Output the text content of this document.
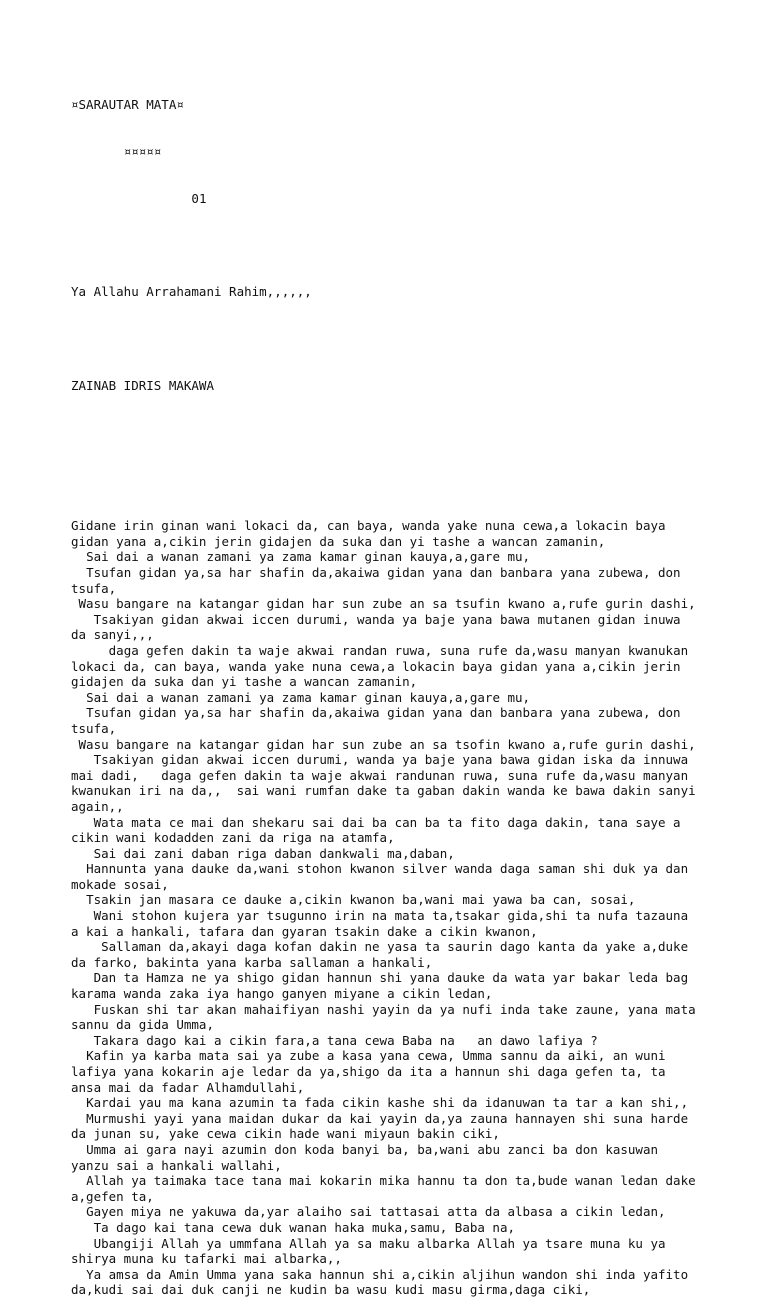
¤SARAUTAR MATA¤

¤¤¤¤¤

01

Ya Allahu Arrahamani Rahim,,,,,,

ZAINAB IDRIS MAKAWA

Gidane irin ginan wani lokaci da, can baya, wanda yake nuna cewa,a lokacin baya
gidan yana a,cikin jerin gidajen da suka dan yi tashe a wancan zamanin,
Sai dai a wanan zamani ya zama kamar ginan kauya,a,gare mu,
Tsufan gidan ya,sa har shafin da,akaiwa gidan yana dan banbara yana zubewa, don
tsufa,
Wasu bangare na katangar gidan har sun zube an sa tsufin kwano a,rufe gurin dashi,
Tsakiyan gidan akwai iccen durumi, wanda ya baje yana bawa mutanen gidan inuwa
da sanyi,,,
daga gefen dakin ta waje akwai randan ruwa, suna rufe da,wasu manyan kwanukan
lokaci da, can baya, wanda yake nuna cewa,a lokacin baya gidan yana a,cikin jerin
gidajen da suka dan yi tashe a wancan zamanin,
Sai dai a wanan zamani ya zama kamar ginan kauya,a,gare mu,
Tsufan gidan ya,sa har shafin da,akaiwa gidan yana dan banbara yana zubewa, don
tsufa,
Wasu bangare na katangar gidan har sun zube an sa tsofin kwano a,rufe gurin dashi,
Tsakiyan gidan akwai iccen durumi, wanda ya baje yana bawa gidan iska da innuwa
mai dadi,   daga gefen dakin ta waje akwai randunan ruwa, suna rufe da,wasu manyan
kwanukan iri na da,,  sai wani rumfan dake ta gaban dakin wanda ke bawa dakin sanyi
again,,
Wata mata ce mai dan shekaru sai dai ba can ba ta fito daga dakin, tana saye a
cikin wani kodadden zani da riga na atamfa,
Sai dai zani daban riga daban dankwali ma,daban,
Hannunta yana dauke da,wani stohon kwanon silver wanda daga saman shi duk ya dan
mokade sosai,
Tsakin jan masara ce dauke a,cikin kwanon ba,wani mai yawa ba can, sosai,
Wani stohon kujera yar tsugunno irin na mata ta,tsakar gida,shi ta nufa tazauna
a kai a hankali, tafara dan gyaran tsakin dake a cikin kwanon,
Sallaman da,akayi daga kofan dakin ne yasa ta saurin dago kanta da yake a,duke
da farko, bakinta yana karba sallaman a hankali,
Dan ta Hamza ne ya shigo gidan hannun shi yana dauke da wata yar bakar leda bag
karama wanda zaka iya hango ganyen miyane a cikin ledan,
Fuskan shi tar akan mahaifiyan nashi yayin da ya nufi inda take zaune, yana mata
sannu da gida Umma,
Takara dago kai a cikin fara,a tana cewa Baba na   an dawo lafiya ?
Kafin ya karba mata sai ya zube a kasa yana cewa, Umma sannu da aiki, an wuni
lafiya yana kokarin aje ledar da ya,shigo da ita a hannun shi daga gefen ta, ta
ansa mai da fadar Alhamdullahi,
Kardai yau ma kana azumin ta fada cikin kashe shi da idanuwan ta tar a kan shi,,
Murmushi yayi yana maidan dukar da kai yayin da,ya zauna hannayen shi suna harde
da junan su, yake cewa cikin hade wani miyaun bakin ciki,
Umma ai gara nayi azumin don koda banyi ba, ba,wani abu zanci ba don kasuwan
yanzu sai a hankali wallahi,
Allah ya taimaka tace tana mai kokarin mika hannu ta don ta,bude wanan ledan dake
a,gefen ta,
Gayen miya ne yakuwa da,yar alaiho sai tattasai atta da albasa a cikin ledan,
Ta dago kai tana cewa duk wanan haka muka,samu, Baba na,
Ubangiji Allah ya ummfana Allah ya sa maku albarka Allah ya tsare muna ku ya
shirya muna ku tafarki mai albarka,,
Ya amsa da Amin Umma yana saka hannun shi a,cikin aljihun wandon shi inda yafito
da,kudi sai dai duk canji ne kudin ba wasu kudi masu girma,daga ciki,
